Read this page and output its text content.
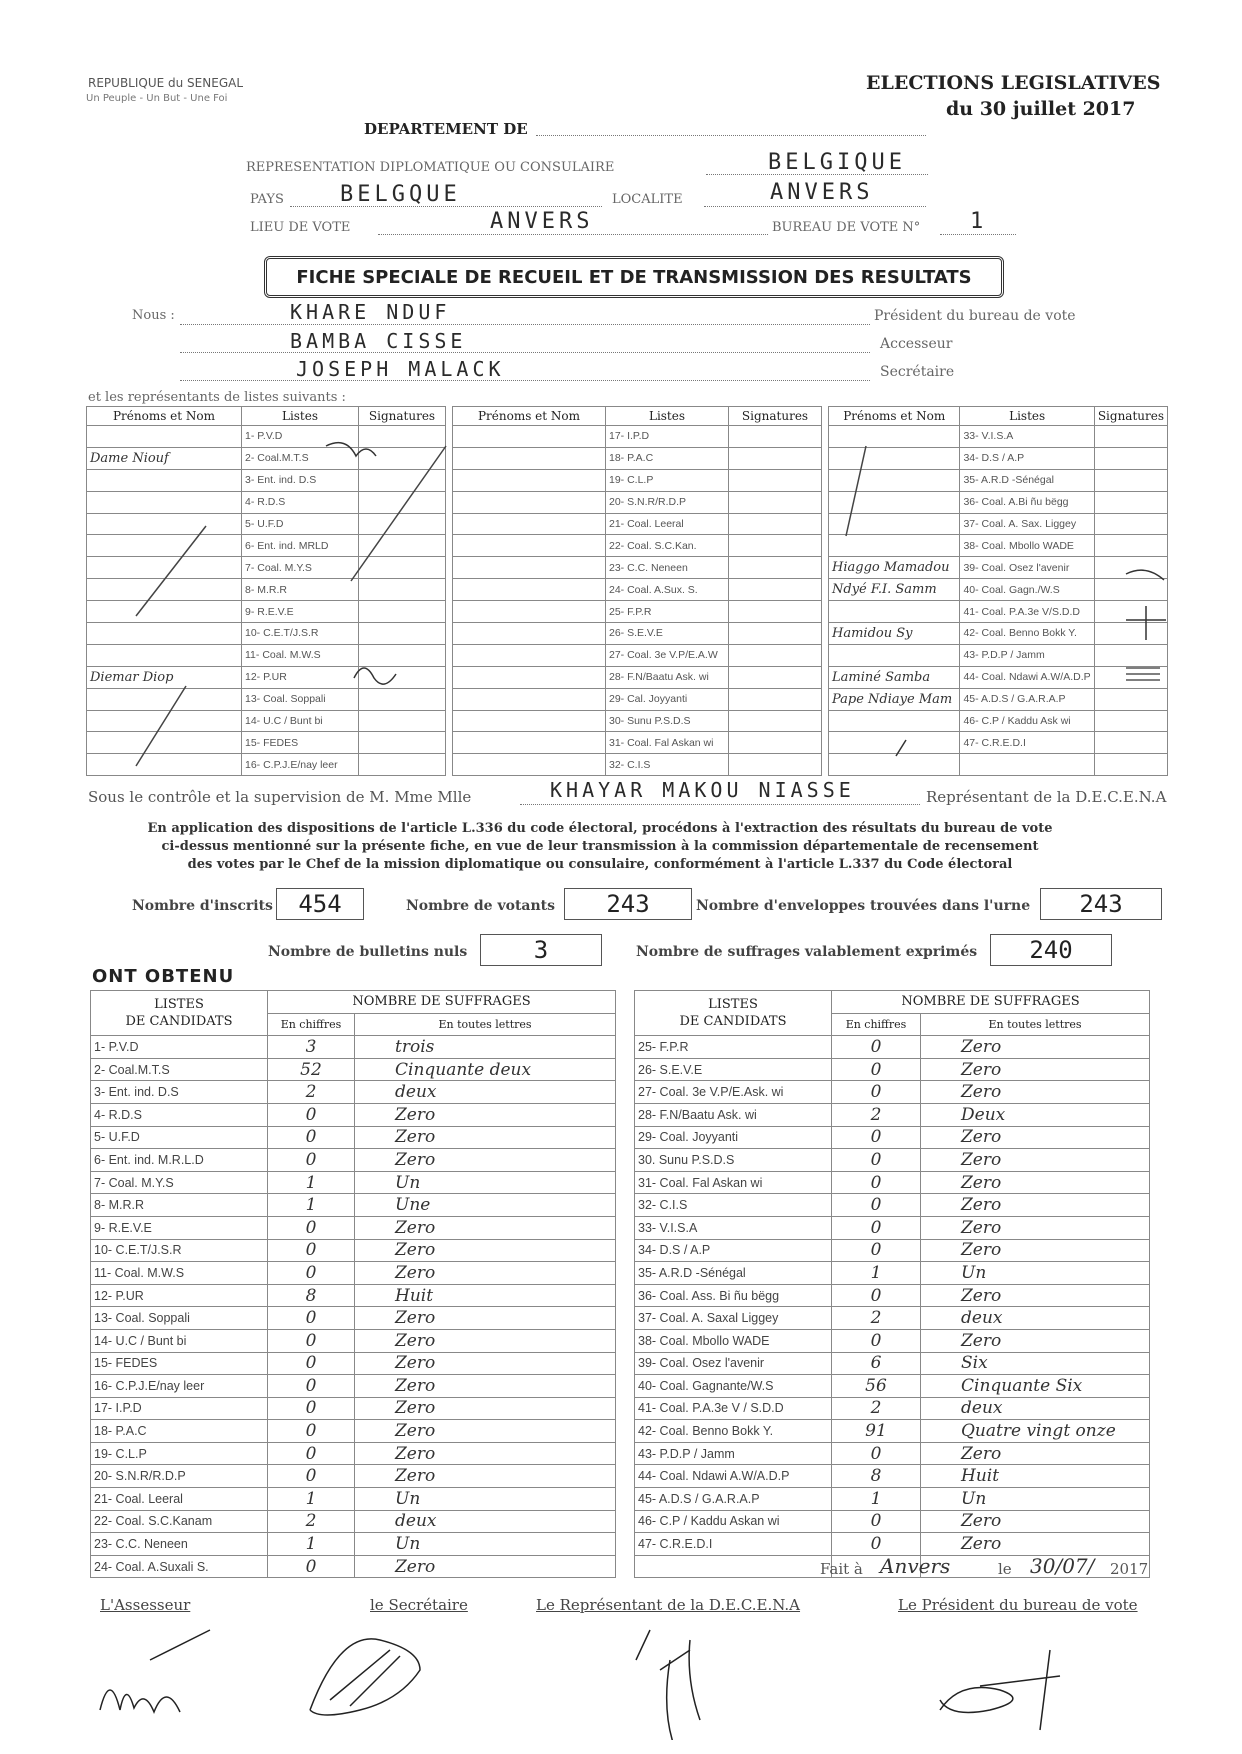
REPUBLIQUE du SENEGAL
Un Peuple - Un But - Une Foi
ELECTIONS LEGISLATIVES
du 30 juillet 2017
DEPARTEMENT DE
REPRESENTATION DIPLOMATIQUE OU CONSULAIRE	BELGIQUE
PAYS	BELGQUE	LOCALITE	ANVERS
LIEU DE VOTE	ANVERS	BUREAU DE VOTE N° 1
FICHE SPECIALE DE RECUEIL ET DE TRANSMISSION DES RESULTATS
Nous :	KHARE NDUF	Président du bureau de vote
BAMBA CISSE	Accesseur
JOSEPH MALACK	Secrétaire
et les représentants de listes suivants :
Prénoms et Nom	Listes	Signatures
	1- P.V.D	
Dame Niouf	2- Coal.M.T.S	
	3- Ent. ind. D.S	
	4- R.D.S	
	5- U.F.D	
	6- Ent. ind. MRLD	
	7- Coal. M.Y.S	
	8- M.R.R	
	9- R.E.V.E	
	10- C.E.T/J.S.R	
	11- Coal. M.W.S	
Diemar Diop	12- P.UR	
	13- Coal. Soppali	
	14- U.C / Bunt bi	
	15- FEDES	
	16- C.P.J.E/nay leer	
Prénoms et Nom	Listes	Signatures
	17- I.P.D	
	18- P.A.C	
	19- C.L.P	
	20- S.N.R/R.D.P	
	21- Coal. Leeral	
	22- Coal. S.C.Kan.	
	23- C.C. Neneen	
	24- Coal. A.Sux. S.	
	25- F.P.R	
	26- S.E.V.E	
	27- Coal. 3e V.P/E.A.W	
	28- F.N/Baatu Ask. wi	
	29- Cal. Joyyanti	
	30- Sunu P.S.D.S	
	31- Coal. Fal Askan wi	
	32- C.I.S	
Prénoms et Nom	Listes	Signatures
	33- V.I.S.A	
	34- D.S / A.P	
	35- A.R.D -Sénégal	
	36- Coal. A.Bi ñu bëgg	
	37- Coal. A. Sax. Liggey	
	38- Coal. Mbollo WADE	
Hiaggo Mamadou	39- Coal. Osez l'avenir	
Ndyé F.I. Samm	40- Coal. Gagn./W.S	
	41- Coal. P.A.3e V/S.D.D	
Hamidou Sy	42- Coal. Benno Bokk Y.	
	43- P.D.P / Jamm	
Laminé Samba	44- Coal. Ndawi A.W/A.D.P	
Pape Ndiaye Mam	45- A.D.S / G.A.R.A.P	
	46- C.P / Kaddu Ask wi	
	47- C.R.E.D.I	

Sous le contrôle et la supervision de M. Mme Mlle	KHAYAR MAKOU NIASSE	Représentant de la D.E.C.E.N.A
En application des dispositions de l'article L.336 du code électoral, procédons à l'extraction des résultats du bureau de vote
ci-dessus mentionné sur la présente fiche, en vue de leur transmission à la commission départementale de recensement
des votes par le Chef de la mission diplomatique ou consulaire, conformément à l'article L.337 du Code électoral
Nombre d'inscrits	454	Nombre de votants	243	Nombre d'enveloppes trouvées dans l'urne	243
Nombre de bulletins nuls	3	Nombre de suffrages valablement exprimés	240
ONT OBTENU
LISTES
DE CANDIDATS	NOMBRE DE SUFFRAGES	
	En chiffres	En toutes lettres
1- P.V.D	3	trois
2- Coal.M.T.S	52	Cinquante deux
3- Ent. ind. D.S	2	deux
4- R.D.S	0	Zero
5- U.F.D	0	Zero
6- Ent. ind. M.R.L.D	0	Zero
7- Coal. M.Y.S	1	Un
8- M.R.R	1	Une
9- R.E.V.E	0	Zero
10- C.E.T/J.S.R	0	Zero
11- Coal. M.W.S	0	Zero
12- P.UR	8	Huit
13- Coal. Soppali	0	Zero
14- U.C / Bunt bi	0	Zero
15- FEDES	0	Zero
16- C.P.J.E/nay leer	0	Zero
17- I.P.D	0	Zero
18- P.A.C	0	Zero
19- C.L.P	0	Zero
20- S.N.R/R.D.P	0	Zero
21- Coal. Leeral	1	Un
22- Coal. S.C.Kanam	2	deux
23- C.C. Neneen	1	Un
24- Coal. A.Suxali S.	0	Zero
LISTES
DE CANDIDATS	NOMBRE DE SUFFRAGES	
	En chiffres	En toutes lettres
25- F.P.R	0	Zero
26- S.E.V.E	0	Zero
27- Coal. 3e V.P/E.Ask. wi	0	Zero
28- F.N/Baatu Ask. wi	2	Deux
29- Coal. Joyyanti	0	Zero
30. Sunu P.S.D.S	0	Zero
31- Coal. Fal Askan wi	0	Zero
32- C.I.S	0	Zero
33- V.I.S.A	0	Zero
34- D.S / A.P	0	Zero
35- A.R.D -Sénégal	1	Un
36- Coal. Ass. Bi ñu bëgg	0	Zero
37- Coal. A. Saxal Liggey	2	deux
38- Coal. Mbollo WADE	0	Zero
39- Coal. Osez l'avenir	6	Six
40- Coal. Gagnante/W.S	56	Cinquante Six
41- Coal. P.A.3e V / S.D.D	2	deux
42- Coal. Benno Bokk Y.	91	Quatre vingt onze
43- P.D.P / Jamm	0	Zero
44- Coal. Ndawi A.W/A.D.P	8	Huit
45- A.D.S / G.A.R.A.P	1	Un
46- C.P / Kaddu Askan wi	0	Zero
47- C.R.E.D.I	0	Zero

Fait à Anvers	le 30/07/ 2017
L'Assesseur	le Secrétaire	Le Représentant de la D.E.C.E.N.A	Le Président du bureau de vote
